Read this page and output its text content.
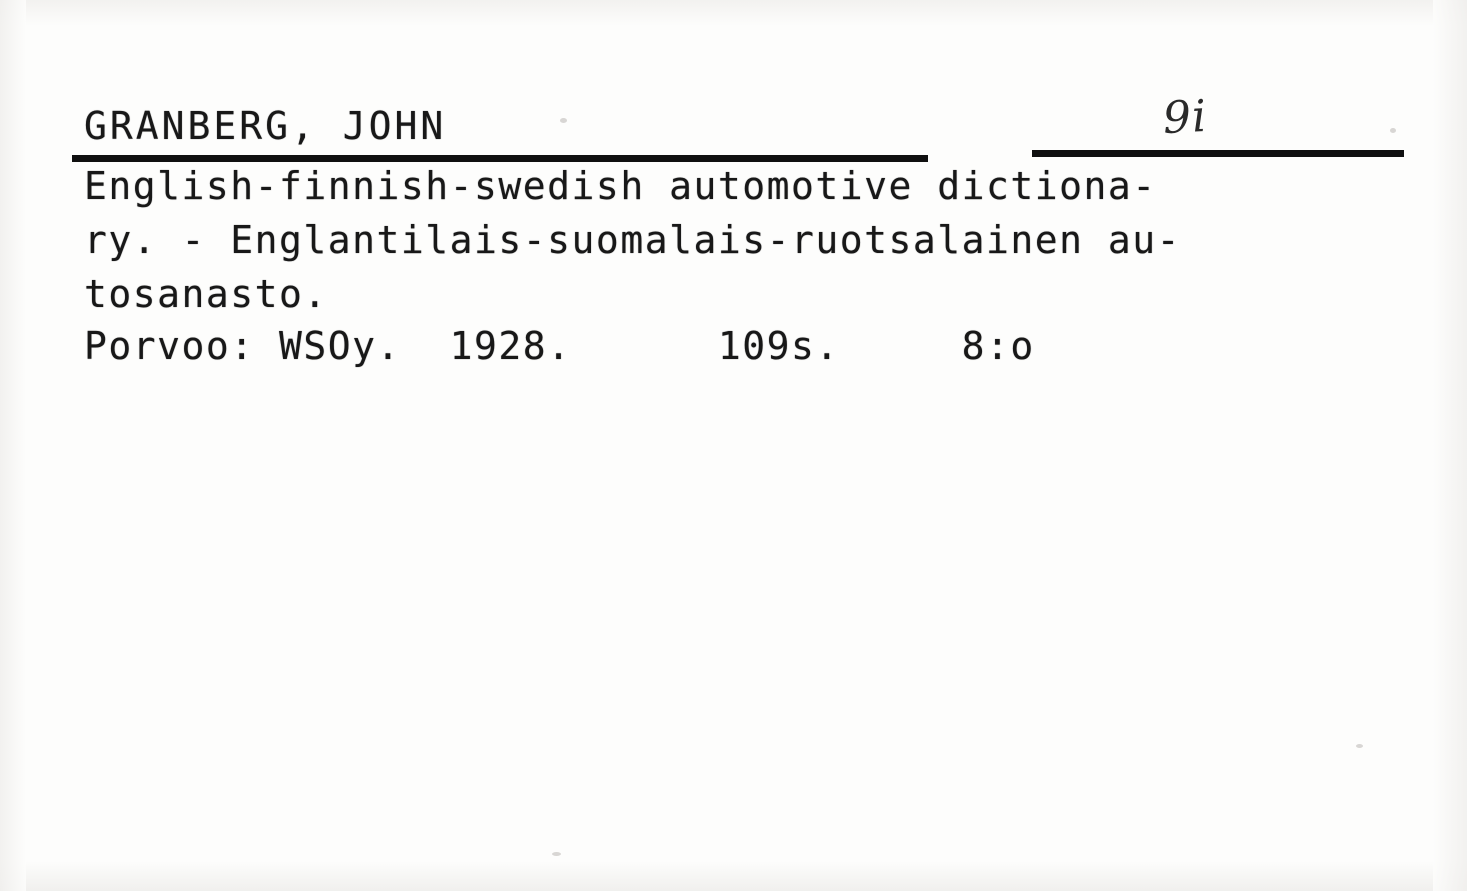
GRANBERG, JOHN	9i
English-finnish-swedish automotive dictiona-
ry. - Englantilais-suomalais-ruotsalainen au-
tosanasto.
Porvoo: WSOy.  1928.      109s.     8:o
